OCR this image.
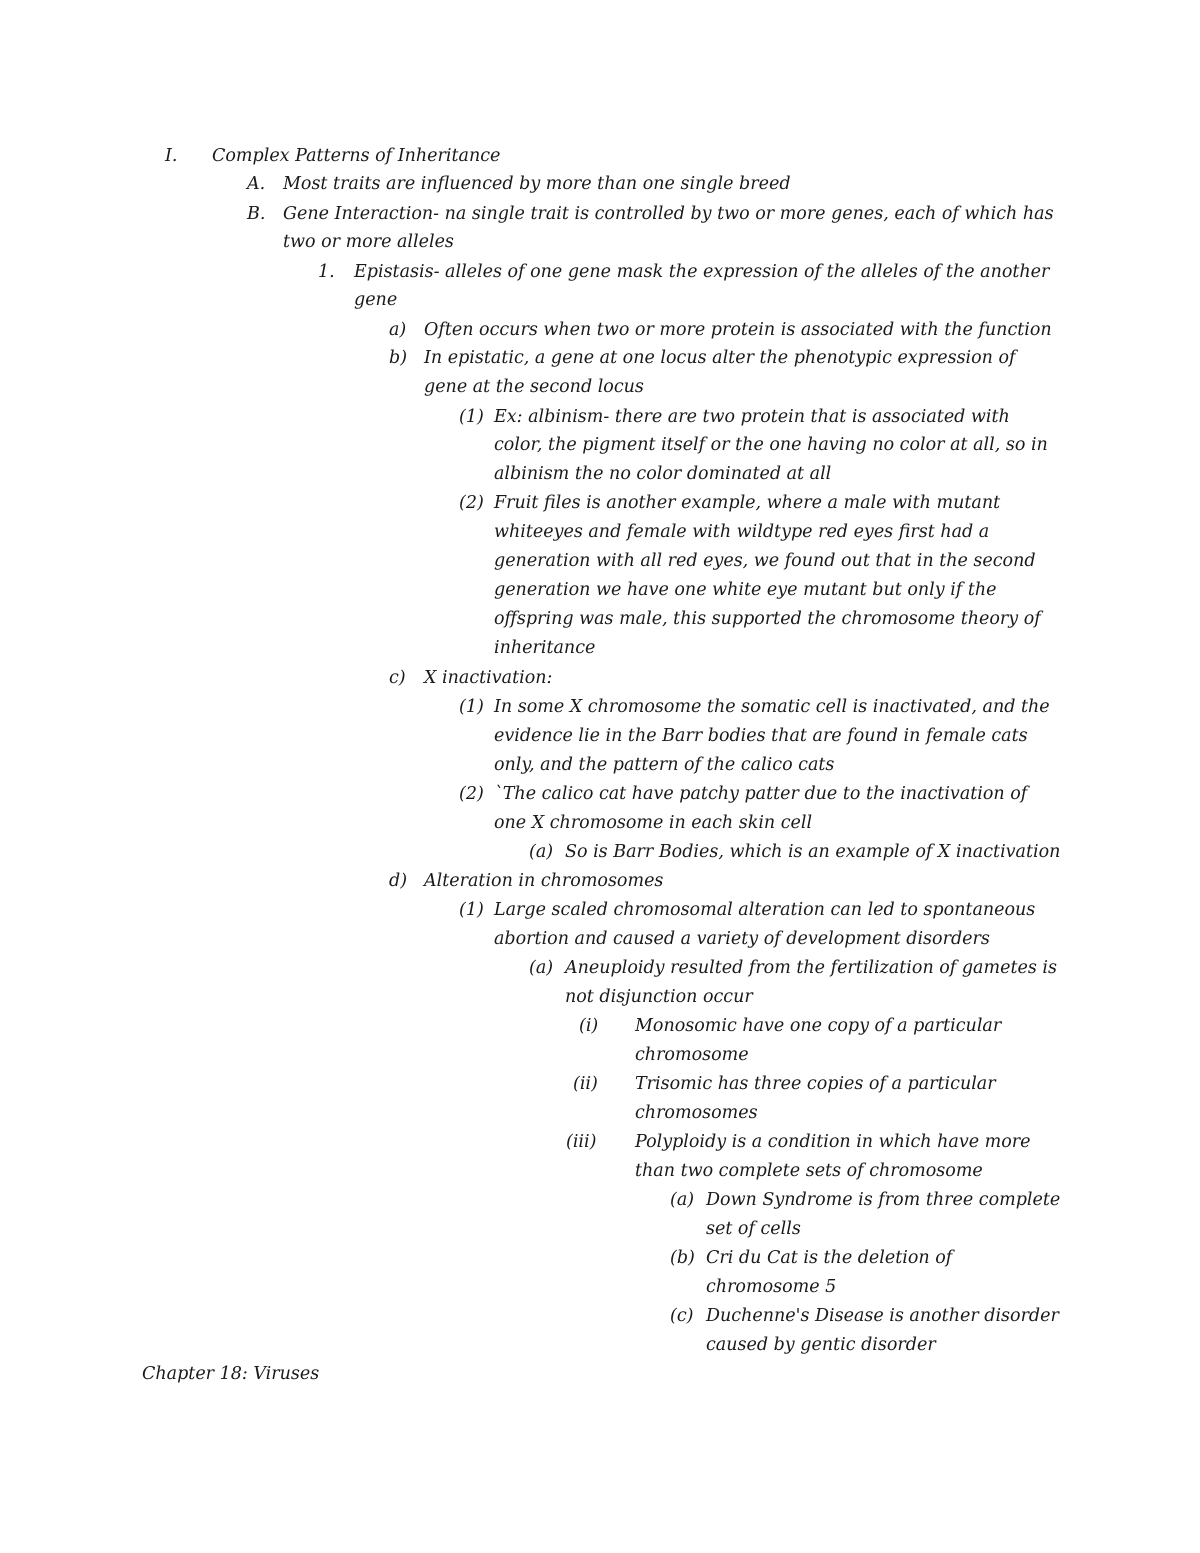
I. Complex Patterns of Inheritance

A. Most traits are influenced by more than one single breed

B. Gene Interaction- na single trait is controlled by two or more genes, each of which has

two or more alleles

1. Epistasis- alleles of one gene mask the expression of the alleles of the another

gene

a) Often occurs when two or more protein is associated with the function

b) In epistatic, a gene at one locus alter the phenotypic expression of

gene at the second locus

(1) Ex: albinism- there are two protein that is associated with

color, the pigment itself or the one having no color at all, so in

albinism the no color dominated at all

(2) Fruit files is another example, where a male with mutant

whiteeyes and female with wildtype red eyes first had a

generation with all red eyes, we found out that in the second

generation we have one white eye mutant but only if the

offspring was male, this supported the chromosome theory of

inheritance

c) X inactivation:

(1) In some X chromosome the somatic cell is inactivated, and the

evidence lie in the Barr bodies that are found in female cats

only, and the pattern of the calico cats

(2) `The calico cat have patchy patter due to the inactivation of

one X chromosome in each skin cell

(a) So is Barr Bodies, which is an example of X inactivation

d) Alteration in chromosomes

(1) Large scaled chromosomal alteration can led to spontaneous

abortion and caused a variety of development disorders

(a) Aneuploidy resulted from the fertilization of gametes is

not disjunction occur

(i) Monosomic have one copy of a particular

chromosome

(ii) Trisomic has three copies of a particular

chromosomes

(iii) Polyploidy is a condition in which have more

than two complete sets of chromosome

(a) Down Syndrome is from three complete

set of cells

(b) Cri du Cat is the deletion of

chromosome 5

(c) Duchenne's Disease is another disorder

caused by gentic disorder

Chapter 18: Viruses
